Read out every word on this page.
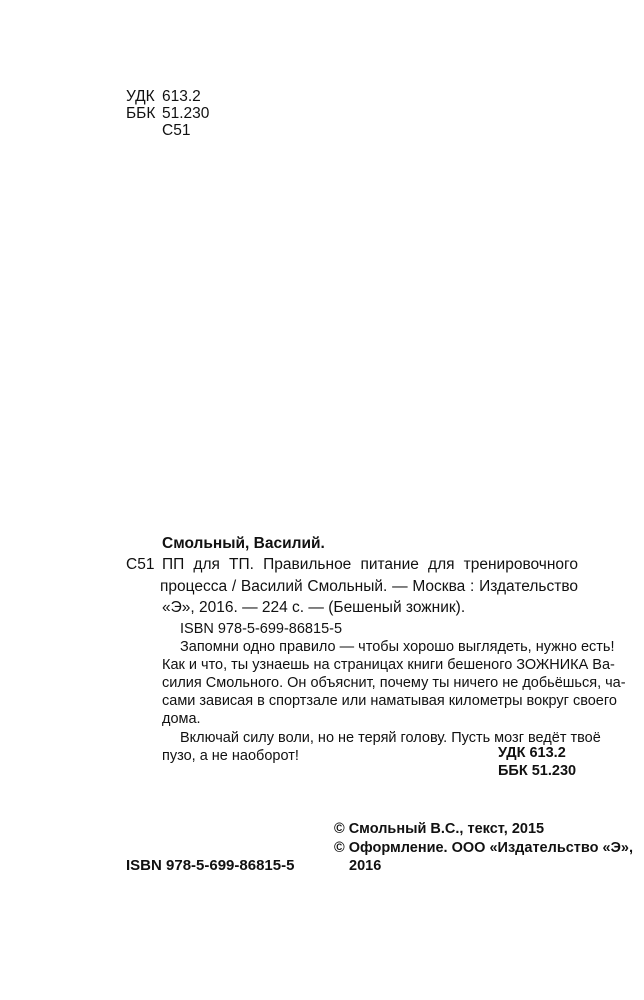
УДК 613.2
ББК 51.230
С51
Смольный, Василий.
С51 ПП для ТП. Правильное питание для тренировочного
процесса / Василий Смольный. — Москва : Издательство
«Э», 2016. — 224 с. — (Бешеный зожник).
ISBN 978-5-699-86815-5
Запомни одно правило — чтобы хорошо выглядеть, нужно есть!
Как и что, ты узнаешь на страницах книги бешеного ЗОЖНИКА Ва-
силия Смольного. Он объяснит, почему ты ничего не добьёшься, ча-
сами зависая в спортзале или наматывая километры вокруг своего
дома.
Включай силу воли, но не теряй голову. Пусть мозг ведёт твоё
пузо, а не наоборот!	УДК 613.2
ББК 51.230
© Смольный В.С., текст, 2015
© Оформление. ООО «Издательство «Э»,
2016
ISBN 978-5-699-86815-5
